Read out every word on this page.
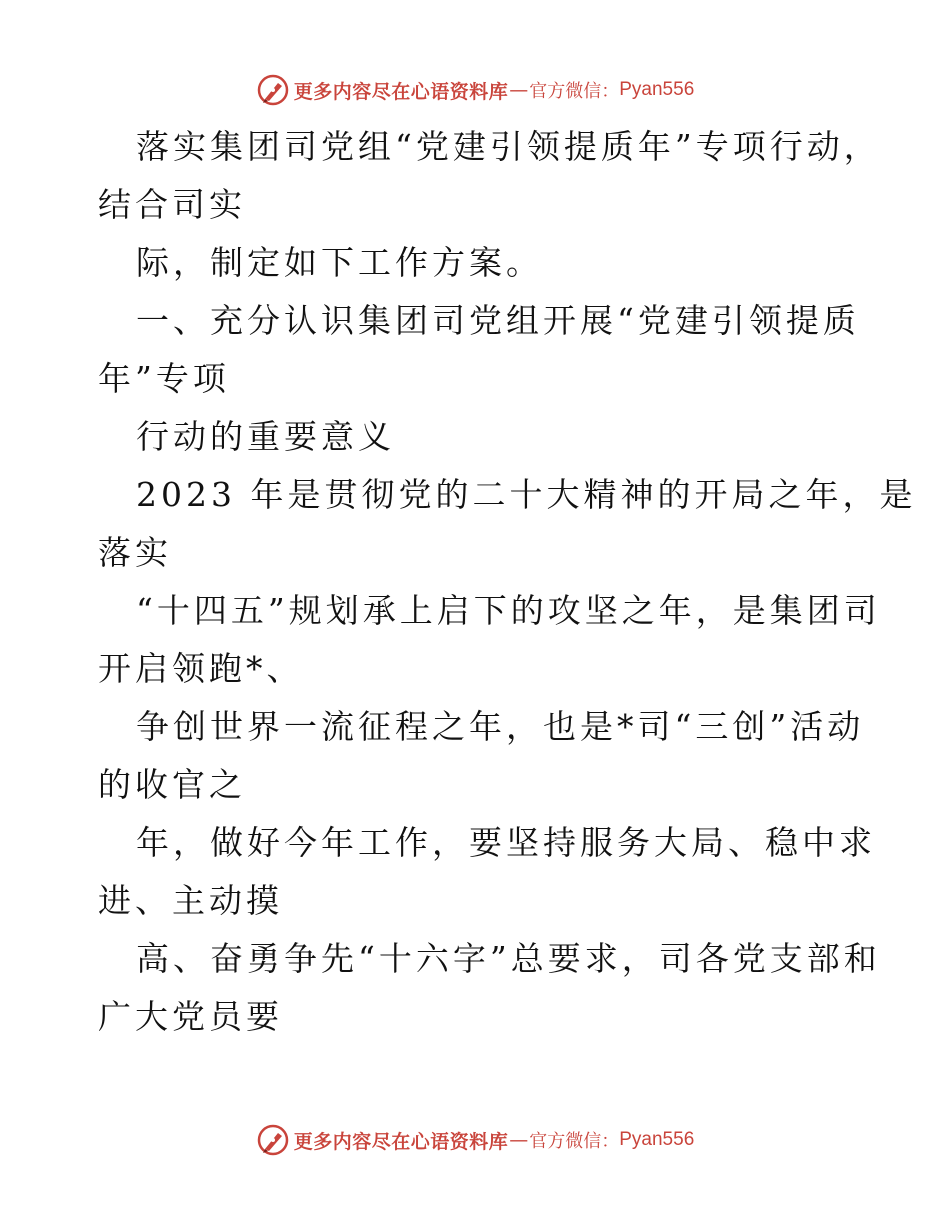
更多内容尽在心语资料库 — 官方微信： Pyan556
落实集团司党组“党建引领提质年”专项行动，
结合司实
际，制定如下工作方案。
一、充分认识集团司党组开展“党建引领提质
年”专项
行动的重要意义
2023 年是贯彻党的二十大精神的开局之年，是
落实
“十四五”规划承上启下的攻坚之年，是集团司
开启领跑*、
争创世界一流征程之年，也是*司“三创”活动
的收官之
年，做好今年工作，要坚持服务大局、稳中求
进、主动摸
高、奋勇争先“十六字”总要求，司各党支部和
广大党员要
更多内容尽在心语资料库 — 官方微信： Pyan556
